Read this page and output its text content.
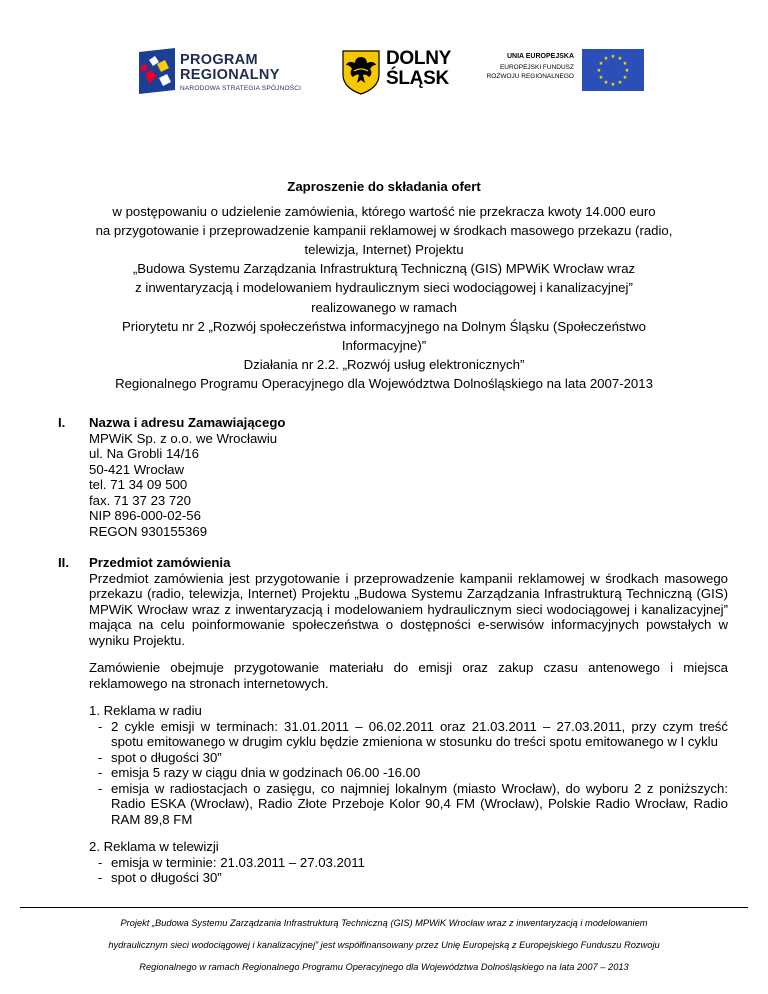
PROGRAM
REGIONALNY
NARODOWA STRATEGIA SPÓJNOŚCI
DOLNY
ŚLĄSK
UNIA EUROPEJSKA
EUROPEJSKI FUNDUSZ
ROZWOJU REGIONALNEGO
★ ★
★
★
★
★
★
★
★
★
★
★
Zaproszenie do składania ofert
w postępowaniu o udzielenie zamówienia, którego wartość nie przekracza kwoty 14.000 euro
na przygotowanie i przeprowadzenie kampanii reklamowej w środkach masowego przekazu (radio,
telewizja, Internet) Projektu
„Budowa Systemu Zarządzania Infrastrukturą Techniczną (GIS) MPWiK Wrocław wraz
z inwentaryzacją i modelowaniem hydraulicznym sieci wodociągowej i kanalizacyjnej”
realizowanego w ramach
Priorytetu nr 2 „Rozwój społeczeństwa informacyjnego na Dolnym Śląsku (Społeczeństwo
Informacyjne)”
Działania nr 2.2. „Rozwój usług elektronicznych”
Regionalnego Programu Operacyjnego dla Województwa Dolnośląskiego na lata 2007-2013
I. Nazwa i adresu Zamawiającego
MPWiK Sp. z o.o. we Wrocławiu
ul. Na Grobli 14/16
50-421 Wrocław
tel. 71 34 09 500
fax. 71 37 23 720
NIP 896-000-02-56
REGON 930155369
II. Przedmiot zamówienia
Przedmiot zamówienia jest przygotowanie i przeprowadzenie kampanii reklamowej w środkach masowego przekazu (radio, telewizja, Internet) Projektu „Budowa Systemu Zarządzania Infrastrukturą Techniczną (GIS) MPWiK Wrocław wraz z inwentaryzacją i modelowaniem hydraulicznym sieci wodociągowej i kanalizacyjnej” mająca na celu poinformowanie społeczeństwa o dostępności e-serwisów informacyjnych powstałych w wyniku Projektu.
Zamówienie obejmuje przygotowanie materiału do emisji oraz zakup czasu antenowego i miejsca reklamowego na stronach internetowych.
1. Reklama w radiu
- 2 cykle emisji w terminach: 31.01.2011 – 06.02.2011 oraz 21.03.2011 – 27.03.2011, przy czym treść spotu emitowanego w drugim cyklu będzie zmieniona w stosunku do treści spotu emitowanego w I cyklu
- spot o długości 30”
- emisja 5 razy w ciągu dnia w godzinach 06.00 -16.00
- emisja w radiostacjach o zasięgu, co najmniej lokalnym (miasto Wrocław), do wyboru 2 z poniższych: Radio ESKA (Wrocław), Radio Złote Przeboje Kolor 90,4 FM (Wrocław), Polskie Radio Wrocław, Radio RAM 89,8 FM
2. Reklama w telewizji
- emisja w terminie: 21.03.2011 – 27.03.2011
- spot o długości 30”
Projekt „Budowa Systemu Zarządzania Infrastrukturą Techniczną (GIS) MPWiK Wrocław wraz z inwentaryzacją i modelowaniem
hydraulicznym sieci wodociągowej i kanalizacyjnej” jest współfinansowany przez Unię Europejską z Europejskiego Funduszu Rozwoju
Regionalnego w ramach Regionalnego Programu Operacyjnego dla Województwa Dolnośląskiego na lata 2007 – 2013
